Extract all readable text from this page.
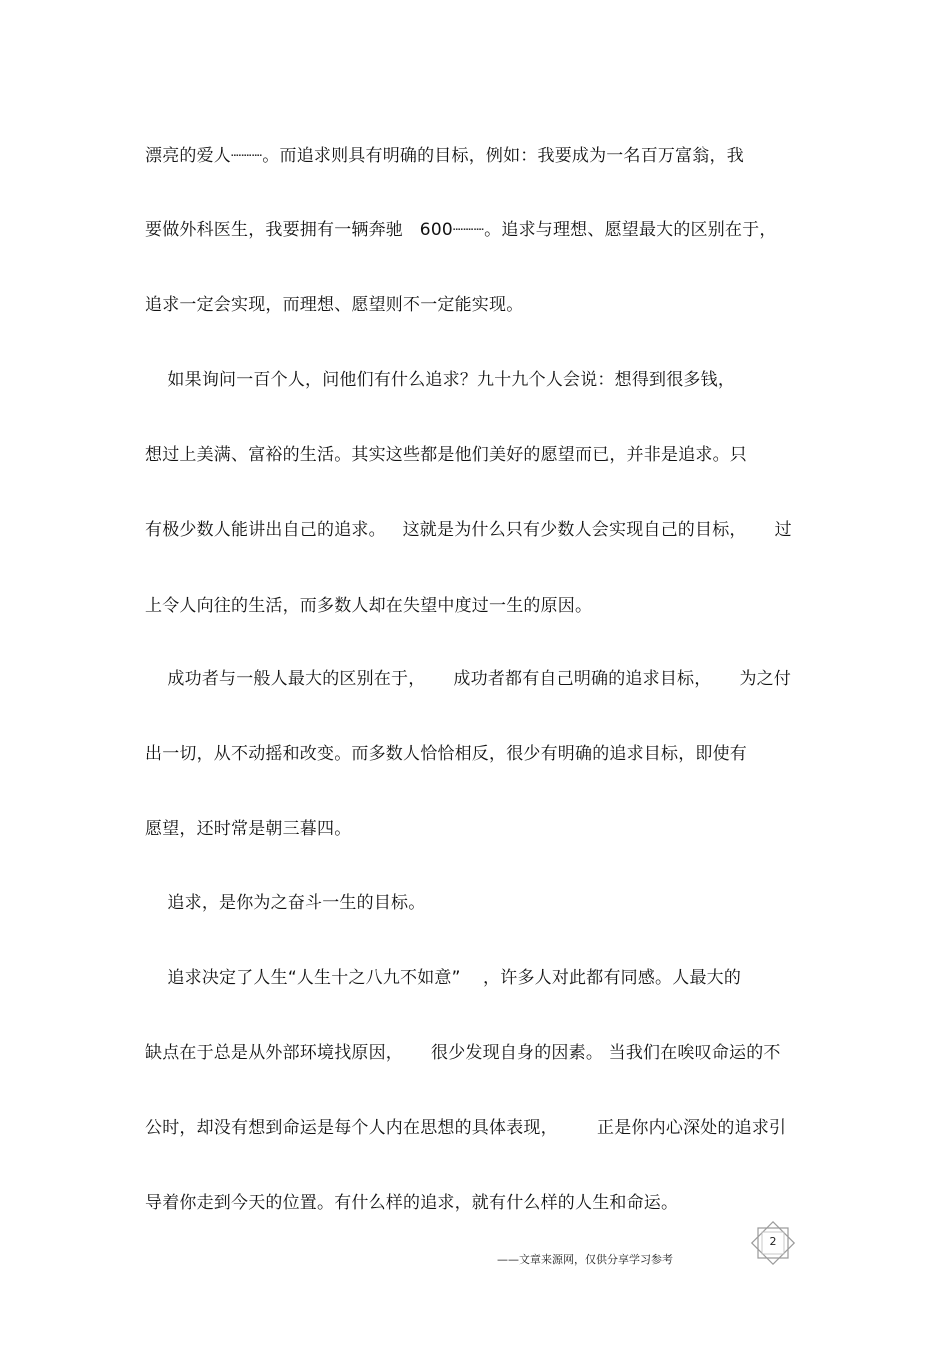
漂亮的爱人┈┈┈。而追求则具有明确的目标，例如：我要成为一名百万富翁，我
要做外科医生，我要拥有一辆奔驰   600┈┈┈。追求与理想、愿望最大的区别在于，
追求一定会实现，而理想、愿望则不一定能实现。
如果询问一百个人，问他们有什么追求？九十九个人会说：想得到很多钱，
想过上美满、富裕的生活。其实这些都是他们美好的愿望而已，并非是追求。只
有极少数人能讲出自己的追求。   这就是为什么只有少数人会实现自己的目标，     过
上令人向往的生活，而多数人却在失望中度过一生的原因。
成功者与一般人最大的区别在于，     成功者都有自己明确的追求目标，     为之付
出一切，从不动摇和改变。而多数人恰恰相反，很少有明确的追求目标，即使有
愿望，还时常是朝三暮四。
追求，是你为之奋斗一生的目标。
追求决定了人生“人生十之八九不如意”    ，许多人对此都有同感。人最大的
缺点在于总是从外部环境找原因，     很少发现自身的因素。 当我们在唉叹命运的不
公时，却没有想到命运是每个人内在思想的具体表现，       正是你内心深处的追求引
导着你走到今天的位置。有什么样的追求，就有什么样的人生和命运。
——文章来源网，仅供分享学习参考
2
